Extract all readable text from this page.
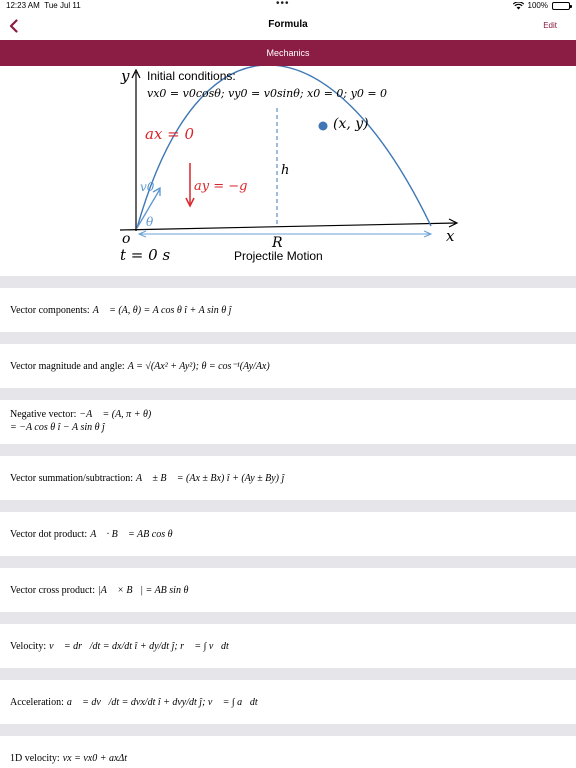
12:23 AM Tue Jul 11	•••	100%
Formula	Edit
Mechanics
y
x
(x, y)
h
R
o
t = 0 s	Projectile Motion
v0
θ
ay = −g
ax = 0
Initial conditions:
vx0 = v0cosθ; vy0 = v0sinθ; x0 = 0; y0 = 0
Vector components: A⃗ = (A, θ) = A cos θ î + A sin θ ĵ
Vector magnitude and angle: A = √(Ax² + Ay²); θ = cos⁻¹(Ay/Ax)
Negative vector: −A⃗ = (A, π + θ)
= −A cos θ î − A sin θ ĵ
Vector summation/subtraction: A⃗ ± B⃗ = (Ax ± Bx) î + (Ay ± By) ĵ
Vector dot product: A⃗ · B⃗ = AB cos θ
Vector cross product: |A⃗ × B⃗| = AB sin θ
Velocity: v⃗ = dr⃗/dt = dx/dt î + dy/dt ĵ; r⃗ = ∫ v⃗dt
Acceleration: a⃗ = dv⃗/dt = dvx/dt î + dvy/dt ĵ; v⃗ = ∫ a⃗dt
1D velocity: vx = vx0 + axΔt
